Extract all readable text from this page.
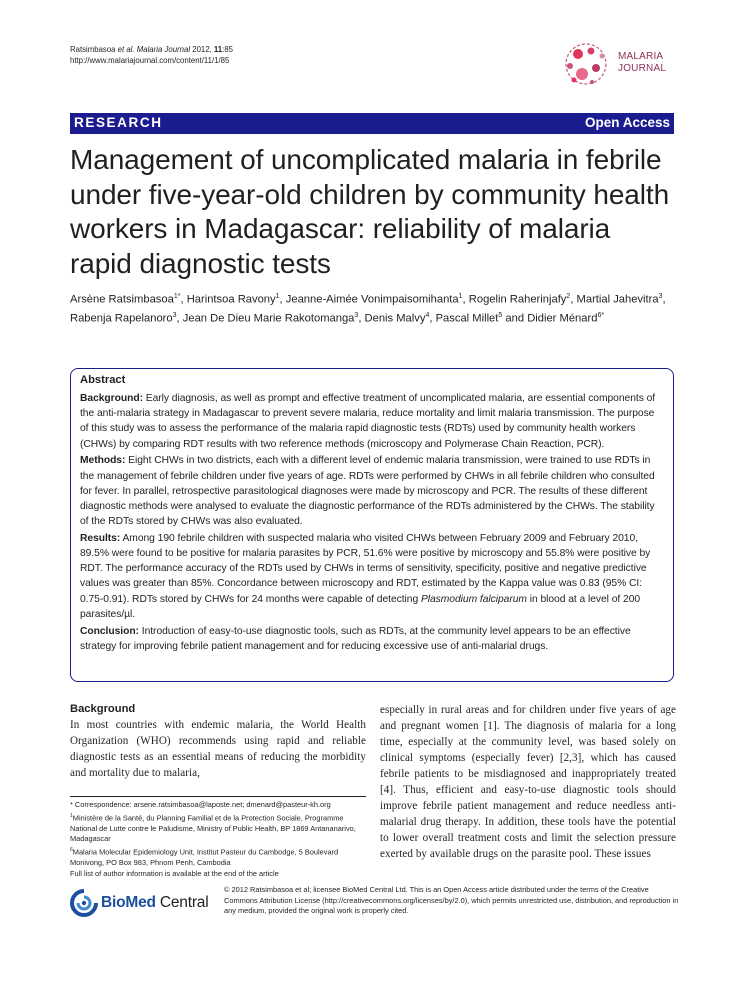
Ratsimbasoa et al. Malaria Journal 2012, 11:85
http://www.malariajournal.com/content/11/1/85	MALARIA
JOURNAL
RESEARCH	Open Access
Management of uncomplicated malaria in febrile under five-year-old children by community health workers in Madagascar: reliability of malaria rapid diagnostic tests
Arsène Ratsimbasoa$^{1*}$, Harintsoa Ravony$^1$, Jeanne-Aimée Vonimpaisomihanta$^1$, Rogelin Raherinjafy$^2$, Martial Jahevitra$^3$, Rabenja Rapelanoro$^3$, Jean De Dieu Marie Rakotomanga$^3$, Denis Malvy$^4$, Pascal Millet$^5$ and Didier Ménard$^{6*}$
Abstract

Background: Early diagnosis, as well as prompt and effective treatment of uncomplicated malaria, are essential components of the anti-malaria strategy in Madagascar to prevent severe malaria, reduce mortality and limit malaria transmission. The purpose of this study was to assess the performance of the malaria rapid diagnostic tests (RDTs) used by community health workers (CHWs) by comparing RDT results with two reference methods (microscopy and Polymerase Chain Reaction, PCR).

Methods: Eight CHWs in two districts, each with a different level of endemic malaria transmission, were trained to use RDTs in the management of febrile children under five years of age. RDTs were performed by CHWs in all febrile children who consulted for fever. In parallel, retrospective parasitological diagnoses were made by microscopy and PCR. The results of these different diagnostic methods were analysed to evaluate the diagnostic performance of the RDTs administered by the CHWs. The stability of the RDTs stored by CHWs was also evaluated.

Results: Among 190 febrile children with suspected malaria who visited CHWs between February 2009 and February 2010, 89.5% were found to be positive for malaria parasites by PCR, 51.6% were positive by microscopy and 55.8% were positive by RDT. The performance accuracy of the RDTs used by CHWs in terms of sensitivity, specificity, positive and negative predictive values was greater than 85%. Concordance between microscopy and RDT, estimated by the Kappa value was 0.83 (95% CI: 0.75-0.91). RDTs stored by CHWs for 24 months were capable of detecting Plasmodium falciparum in blood at a level of 200 parasites/µl.

Conclusion: Introduction of easy-to-use diagnostic tools, such as RDTs, at the community level appears to be an effective strategy for improving febrile patient management and for reducing excessive use of anti-malarial drugs.

Background

In most countries with endemic malaria, the World Health Organization (WHO) recommends using rapid and reliable diagnostic tests as an essential means of reducing the morbidity and mortality due to malaria,

especially in rural areas and for children under five years of age and pregnant women [1]. The diagnosis of malaria for a long time, especially at the community level, was based solely on clinical symptoms (especially fever) [2,3], which has caused febrile patients to be misdiagnosed and inappropriately treated [4]. Thus, efficient and easy-to-use diagnostic tools should improve febrile patient management and reduce needless anti-malarial drug therapy. In addition, these tools have the potential to lower overall treatment costs and limit the selection pressure exerted by available drugs on the parasite pool. These issues

* Correspondence: arsene.ratsimbasoa@laposte.net; dmenard@pasteur-kh.org
$^1$Ministère de la Santé, du Planning Familial et de la Protection Sociale, Programme National de Lutte contre le Paludisme, Ministry of Public Health, BP 1869 Antananarivo, Madagascar
$^6$Malaria Molecular Epidemiology Unit, Institut Pasteur du Cambodge, 5 Boulevard Monivong, PO Box 983, Phnom Penh, Cambodia
Full list of author information is available at the end of the article
BioMed Central
© 2012 Ratsimbasoa et al; licensee BioMed Central Ltd. This is an Open Access article distributed under the terms of the Creative Commons Attribution License (http://creativecommons.org/licenses/by/2.0), which permits unrestricted use, distribution, and reproduction in any medium, provided the original work is properly cited.
